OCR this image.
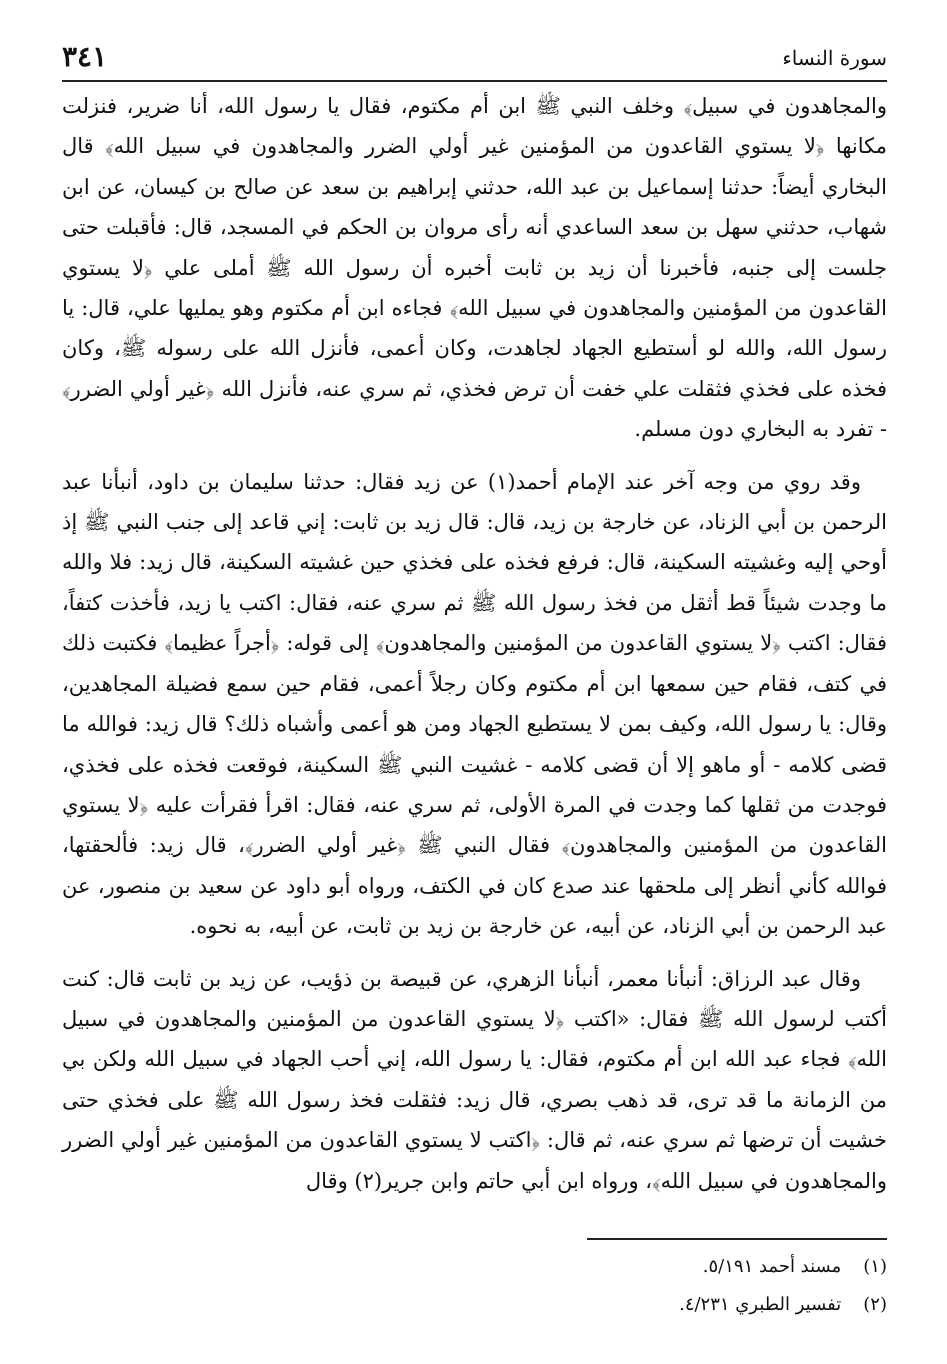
٣٤١	سورة النساء

والمجاهدون في سبيل﴾ وخلف النبي ﷺ ابن أم مكتوم، فقال يا رسول الله، أنا ضرير، فنزلت مكانها ﴿لا يستوي القاعدون من المؤمنين غير أولي الضرر والمجاهدون في سبيل الله﴾ قال البخاري أيضاً: حدثنا إسماعيل بن عبد الله، حدثني إبراهيم بن سعد عن صالح بن كيسان، عن ابن شهاب، حدثني سهل بن سعد الساعدي أنه رأى مروان بن الحكم في المسجد، قال: فأقبلت حتى جلست إلى جنبه، فأخبرنا أن زيد بن ثابت أخبره أن رسول الله ﷺ أملى علي ﴿لا يستوي القاعدون من المؤمنين والمجاهدون في سبيل الله﴾ فجاءه ابن أم مكتوم وهو يمليها علي، قال: يا رسول الله، والله لو أستطيع الجهاد لجاهدت، وكان أعمى، فأنزل الله على رسوله ﷺ، وكان فخذه على فخذي فثقلت علي خفت أن ترض فخذي، ثم سري عنه، فأنزل الله ﴿غير أولي الضرر﴾ - تفرد به البخاري دون مسلم.

وقد روي من وجه آخر عند الإمام أحمد(١) عن زيد فقال: حدثنا سليمان بن داود، أنبأنا عبد الرحمن بن أبي الزناد، عن خارجة بن زيد، قال: قال زيد بن ثابت: إني قاعد إلى جنب النبي ﷺ إذ أوحي إليه وغشيته السكينة، قال: فرفع فخذه على فخذي حين غشيته السكينة، قال زيد: فلا والله ما وجدت شيئاً قط أثقل من فخذ رسول الله ﷺ ثم سري عنه، فقال: اكتب يا زيد، فأخذت كتفاً، فقال: اكتب ﴿لا يستوي القاعدون من المؤمنين والمجاهدون﴾ إلى قوله: ﴿أجراً عظيما﴾ فكتبت ذلك في كتف، فقام حين سمعها ابن أم مكتوم وكان رجلاً أعمى، فقام حين سمع فضيلة المجاهدين، وقال: يا رسول الله، وكيف بمن لا يستطيع الجهاد ومن هو أعمى وأشباه ذلك؟ قال زيد: فوالله ما قضى كلامه - أو ماهو إلا أن قضى كلامه - غشيت النبي ﷺ السكينة، فوقعت فخذه على فخذي، فوجدت من ثقلها كما وجدت في المرة الأولى، ثم سري عنه، فقال: اقرأ فقرأت عليه ﴿لا يستوي القاعدون من المؤمنين والمجاهدون﴾ فقال النبي ﷺ ﴿غير أولي الضرر﴾، قال زيد: فألحقتها، فوالله كأني أنظر إلى ملحقها عند صدع كان في الكتف، ورواه أبو داود عن سعيد بن منصور، عن عبد الرحمن بن أبي الزناد، عن أبيه، عن خارجة بن زيد بن ثابت، عن أبيه، به نحوه.

وقال عبد الرزاق: أنبأنا معمر، أنبأنا الزهري، عن قبيصة بن ذؤيب، عن زيد بن ثابت قال: كنت أكتب لرسول الله ﷺ فقال: «اكتب ﴿لا يستوي القاعدون من المؤمنين والمجاهدون في سبيل الله﴾ فجاء عبد الله ابن أم مكتوم، فقال: يا رسول الله، إني أحب الجهاد في سبيل الله ولكن بي من الزمانة ما قد ترى، قد ذهب بصري، قال زيد: فثقلت فخذ رسول الله ﷺ على فخذي حتى خشيت أن ترضها ثم سري عنه، ثم قال: ﴿اكتب لا يستوي القاعدون من المؤمنين غير أولي الضرر والمجاهدون في سبيل الله﴾، ورواه ابن أبي حاتم وابن جرير(٢) وقال

(١)
مسند أحمد ٥/١٩١.
(٢)
تفسير الطبري ٤/٢٣١.
